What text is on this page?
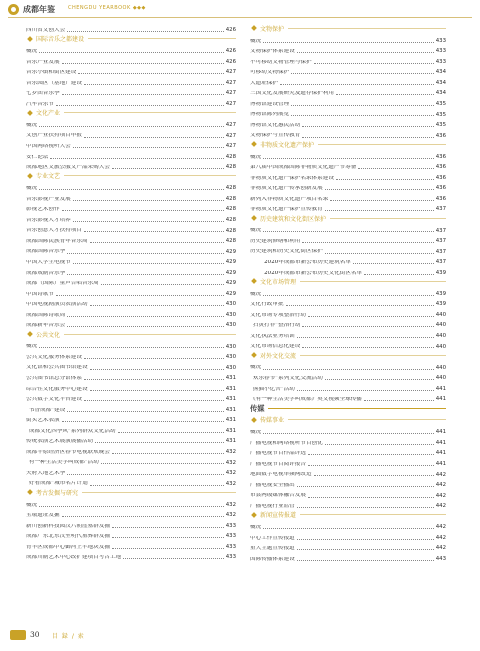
成都年鉴	CHENGDU YEARBOOK ◆◆◆
四川省文创大会	426
国际音乐之都建设
概况	426
音乐产业发展	426
音乐小镇和街区建设	427
音乐园区（基地）建设	427
七岁团音乐季	427
汽车音乐节	427
文化产业
概况	427
文创产业扶持项目申报	427
中国网络视听大会	427
安仁论坛	428
成都地区文旅公服文产品采购大会	428
专业文艺
概况	428
音乐影视产业发展	428
影视艺术创作	428
音乐影视人才培养	428
音乐创意人才扶持项目	428
成都国际民族青年音乐周	428
成都国际音乐季	429
中国大学生电视节	429
成都戏剧音乐季	429
成都（国际）童声合唱音乐周	429
中国诗歌节	429
中国电视剧演员表演活动	430
成都国际诗歌周	430
成都新年音乐会	430
公共文化
概况	430
公共文化服务体系建设	430
文化馆和公共图书馆建设	430
公共图书馆总分馆体系	431
综合性文化服务中心建设	431
公共数字文化平台建设	431
“书香成都”建设	431
街头艺术表演	431
“成都文化四季风”系列群众文化活动	431
传统表演艺术展演展播活动	431
成都平原经济区春节电视联欢晚会	432
“有一种生活美学叫成都”活动	432
天府大地艺术季	432
“好看成都”城市名片计划	432
考古发掘与研究
概况	432
宝墩遗址发掘	432
新川创新科技园汉六朝崖墓群发掘	433
成都厂东北东汉至明代墓葬群发掘	433
青羊区成都中心御河上半地块发掘	433
成都川剧艺术中心改扩建项目考古工地	433
文物保护
概况	433
文物保护体系建设	433
不可移动文物管理与保护	433
可移动文物保护	434
大遗址保护	434
三国文化发展研究及遗存保护利用	434
博物馆建设管理	435
博物馆陈列展览	435
博物馆文化惠民活动	435
文物保护与宣传教育	436
非物质文化遗产保护
概况	436
第八届中国成都国际非物质文化遗产节筹备	436
非物质文化遗产保护名录体系建设	436
非物质文化遗产传承创新发展	436
新列入非物质文化遗产项目名录	436
非物质文化遗产保护宣传教育	437
历史建筑和文化街区保护
概况	437
历史建筑修缮和利用	437
历史建筑和历史文化街区保护	437
2020年成都市新公布历史建筑名单	437
2020年成都市新公布历史文化街区名单	439
文化市场管理
概况	439
文化行政审批	439
文化市场专项整治行动	440
“扫黄打非”整治行动	440
文化执法业务培训	440
文化市场信息化建设	440
对外文化交流
概况	440
“欢乐春节”系列文化交流活动	440
“熊猫小忆舍”活动	441
《有一种生活美学叫成都》英文视频全球传播	441
传媒
传媒事业
概况	441
广播电视和网络视听节目创优	441
广播电视节目作品评选	441
广播电视节目阅评报告	441
地面数字电视单频网改造	442
广播电视安全播出	442
市县两级媒体融合发展	442
广播电视行业监管	442
新闻宣传报道
概况	442
中心工作宣传报道	442
重大主题宣传报道	442
国际传播体系建设	443
30 目 録 / 索
